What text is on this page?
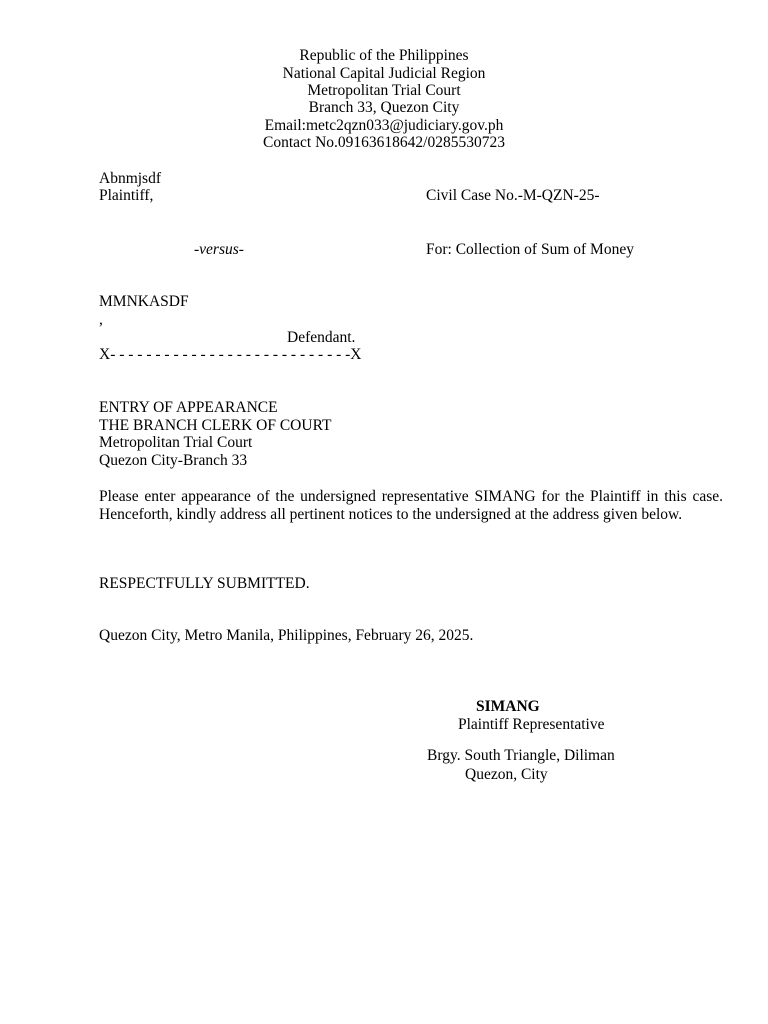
Republic of the Philippines
National Capital Judicial Region
Metropolitan Trial Court
Branch 33, Quezon City
Email:metc2qzn033@judiciary.gov.ph
Contact No.09163618642/0285530723
Abnmjsdf
Plaintiff,	Civil Case No.-M-QZN-25-
-versus-	For: Collection of Sum of Money
MMNKASDF
,
Defendant.
X- - - - - - - - - - - - - - - - - - - - - - - - - - -X
ENTRY OF APPEARANCE
THE BRANCH CLERK OF COURT
Metropolitan Trial Court
Quezon City-Branch 33
Please enter appearance of the undersigned representative SIMANG for the Plaintiff in this case. Henceforth, kindly address all pertinent notices to the undersigned at the address given below.
RESPECTFULLY SUBMITTED.
Quezon City, Metro Manila, Philippines, February 26, 2025.
SIMANG
Plaintiff Representative
Brgy. South Triangle, Diliman
Quezon, City
